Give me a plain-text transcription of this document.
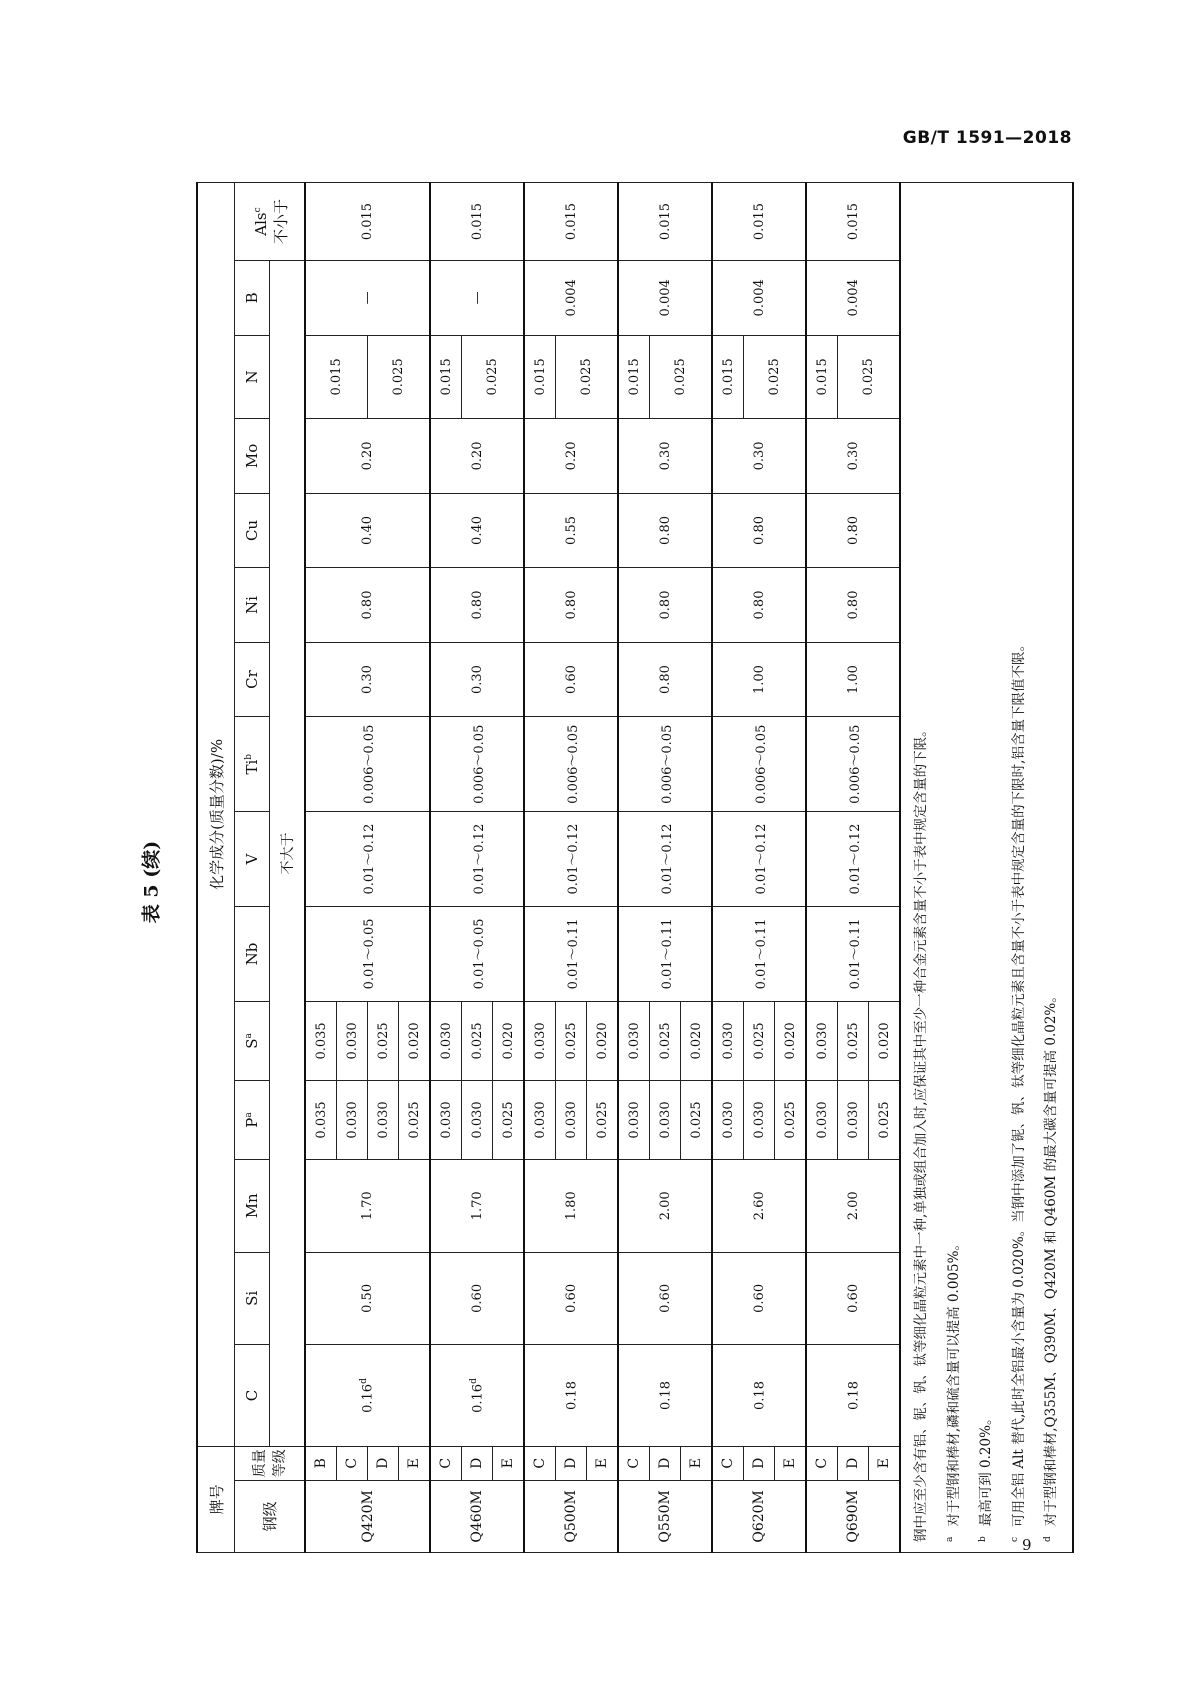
GB/T 1591—2018
表 5 (续)
牌号		化学成分(质量分数)/%														
钢级	质量等级	C	Si	Mn	$P^a$	$S^a$	Nb	V	Ti$^b$	Cr	Ni	Cu	Mo	N	B	Als$^c$ 不小于
		不大于														
Q420M	B	0.16$^d$	0.50	1.70	0.035	0.035	0.01～0.05	0.01～0.12	0.006～0.05	0.30	0.80	0.40	0.20	0.015	—	0.015
	C				0.030	0.030										
	D				0.030	0.025								0.025		
	E				0.025	0.020										
Q460M	C	0.16$^d$	0.60	1.70	0.030	0.030	0.01～0.05	0.01～0.12	0.006～0.05	0.30	0.80	0.40	0.20	0.015	—	0.015
	D				0.030	0.025								0.025		
	E				0.025	0.020										
Q500M	C	0.18	0.60	1.80	0.030	0.030	0.01～0.11	0.01～0.12	0.006～0.05	0.60	0.80	0.55	0.20	0.015	0.004	0.015
	D				0.030	0.025								0.025		
	E				0.025	0.020										
Q550M	C	0.18	0.60	2.00	0.030	0.030	0.01～0.11	0.01～0.12	0.006～0.05	0.80	0.80	0.80	0.30	0.015	0.004	0.015
	D				0.030	0.025								0.025		
	E				0.025	0.020										
Q620M	C	0.18	0.60	2.60	0.030	0.030	0.01～0.11	0.01～0.12	0.006～0.05	1.00	0.80	0.80	0.30	0.015	0.004	0.015
	D				0.030	0.025								0.025		
	E				0.025	0.020										
Q690M	C	0.18	0.60	2.00	0.030	0.030	0.01～0.11	0.01～0.12	0.006～0.05	1.00	0.80	0.80	0.30	0.015	0.004	0.015
	D				0.030	0.025								0.025		
	E				0.025	0.020										

钢中应至少含有铝、铌、钒、钛等细化晶粒元素中一种,单独或组合加入时,应保证其中至少一种合金元素含量不小于表中规定含量的下限。 $^a$对于型钢和棒材,磷和硫含量可以提高 0.005%。
$^b$最高可到 0.20%。
$^c$可用全铝 Alt 替代,此时全铝最小含量为 0.020%。当钢中添加了铌、钒、钛等细化晶粒元素且含量不小于表中规定含量的下限时,铝含量下限值不限。
$^d$对于型钢和棒材,Q355M、Q390M、Q420M 和 Q460M 的最大碳含量可提高 0.02%。																
9
